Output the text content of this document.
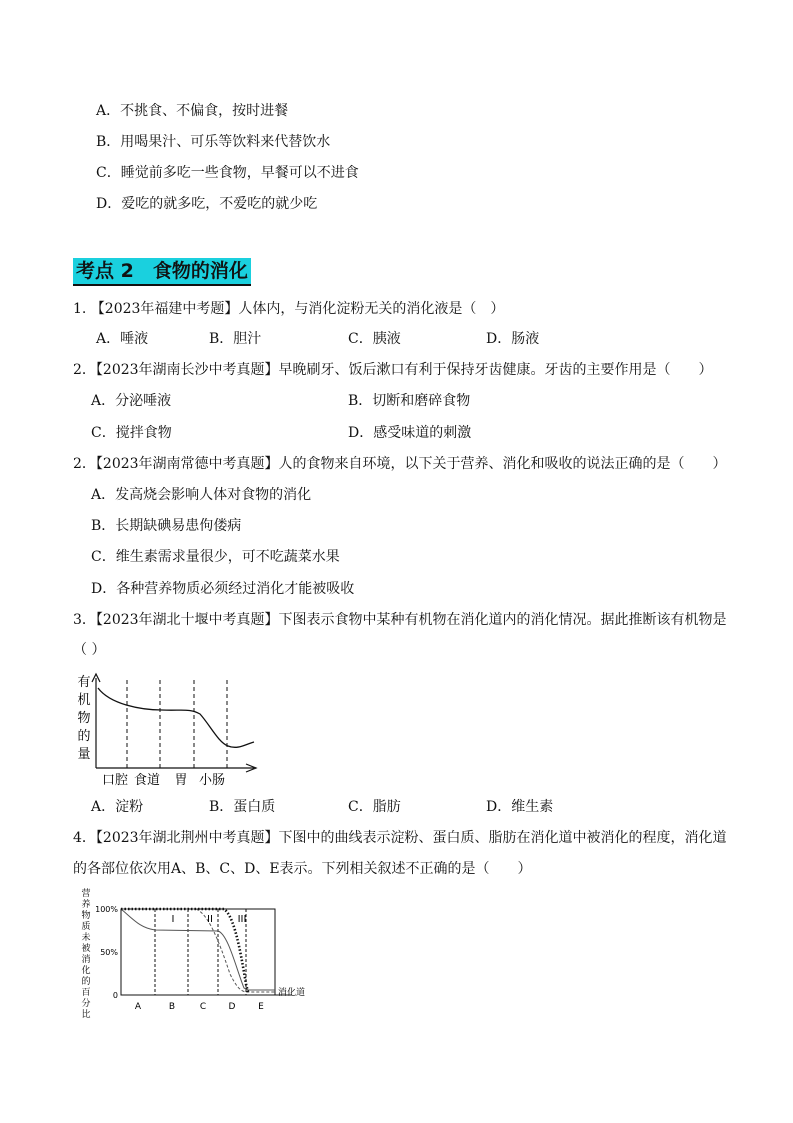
A．不挑食、不偏食，按时进餐
B．用喝果汁、可乐等饮料来代替饮水
C．睡觉前多吃一些食物，早餐可以不进食
D．爱吃的就多吃，不爱吃的就少吃
考点 2　食物的消化
1. 【2023年福建中考题】人体内，与消化淀粉无关的消化液是（　）
A．唾液	B．胆汁	C．胰液	D．肠液
2．【2023年湖南长沙中考真题】早晚刷牙、饭后漱口有利于保持牙齿健康。牙齿的主要作用是（　　）
A．分泌唾液	B．切断和磨碎食物
C．搅拌食物	D．感受味道的刺激
2．【2023年湖南常德中考真题】人的食物来自环境，以下关于营养、消化和吸收的说法正确的是（　　）
A．发高烧会影响人体对食物的消化
B．长期缺碘易患佝偻病
C．维生素需求量很少，可不吃蔬菜水果
D．各种营养物质必须经过消化才能被吸收
3．【2023年湖北十堰中考真题】下图表示食物中某种有机物在消化道内的消化情况。据此推断该有机物是
（ ）
有
机
物
的
量
口腔 食道 胃 小肠
A．淀粉	B．蛋白质	C．脂肪	D．维生素
4．【2023年湖北荆州中考真题】下图中的曲线表示淀粉、蛋白质、脂肪在消化道中被消化的程度，消化道
的各部位依次用A、B、C、D、E表示。下列相关叙述不正确的是（　　）
营
养
物
质
未
被
消
化
的
百
分
比
100%
50%
0
I	II III
A	B	C D	E
消化道
